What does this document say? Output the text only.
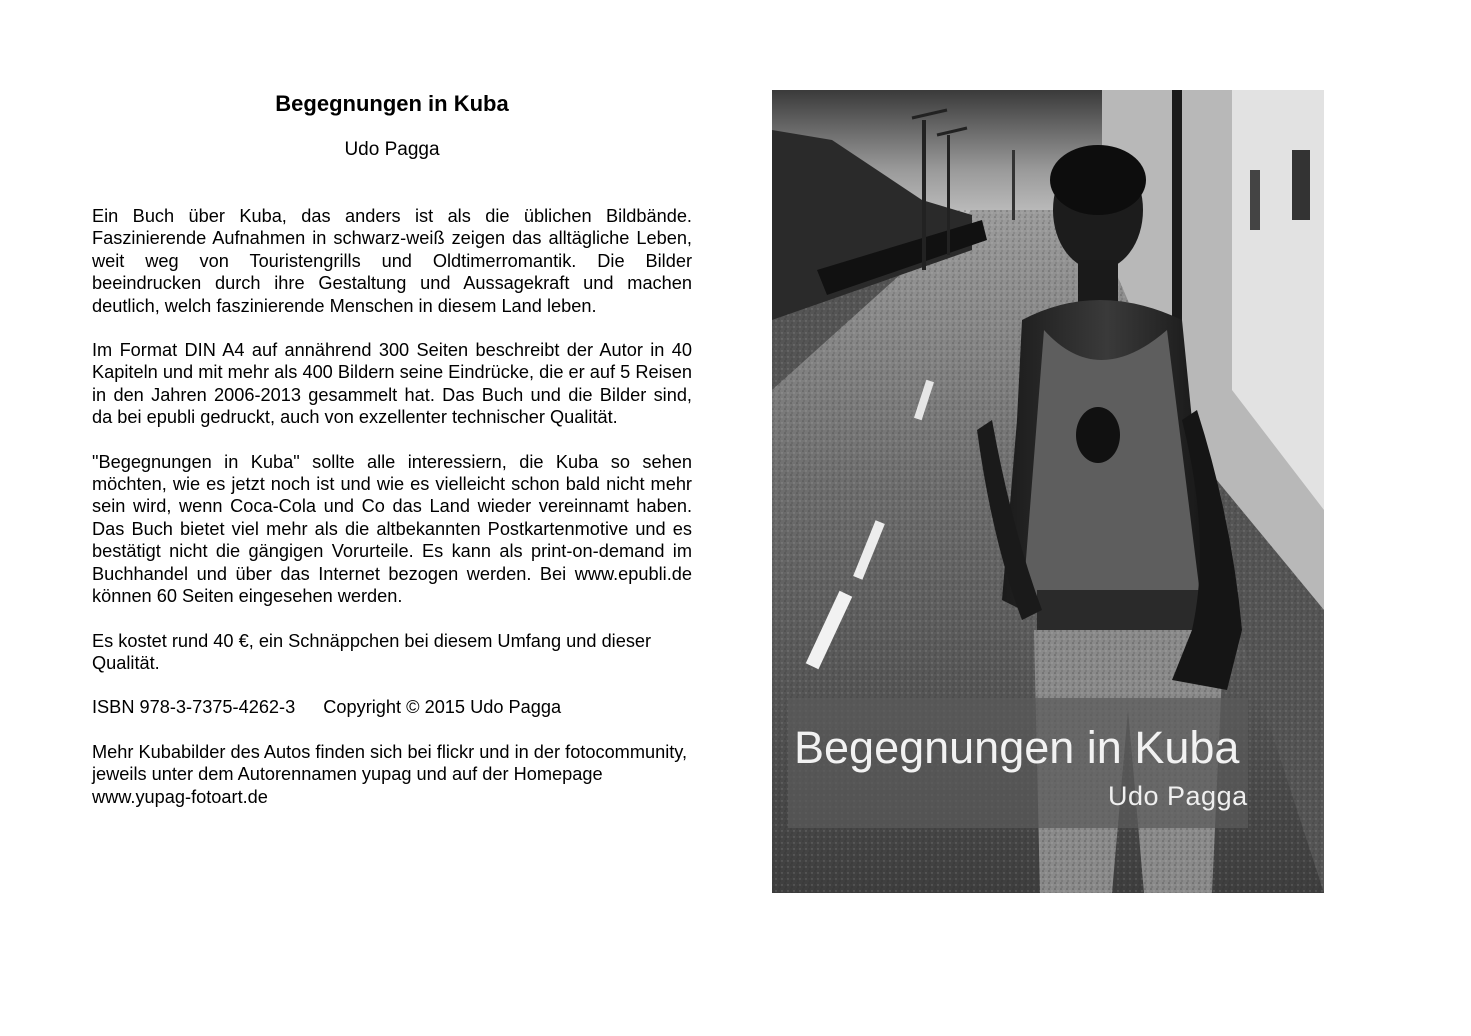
Begegnungen in Kuba

Udo Pagga

Ein Buch über Kuba, das anders ist als die üblichen Bildbände. Faszinierende Aufnahmen in schwarz-weiß zeigen das alltägliche Leben, weit weg von Touristengrills und Oldtimerromantik. Die Bilder beeindrucken durch ihre Gestaltung und Aussagekraft und machen deutlich, welch faszinierende Menschen in diesem Land leben.

Im Format DIN A4 auf annährend 300 Seiten beschreibt der Autor in 40 Kapiteln und mit mehr als 400 Bildern seine Eindrücke, die er auf 5 Reisen in den Jahren 2006-2013 gesammelt hat. Das Buch und die Bilder sind, da bei epubli gedruckt, auch von exzellenter technischer Qualität.

"Begegnungen in Kuba" sollte alle interessiern, die Kuba so sehen möchten, wie es jetzt noch ist und wie es vielleicht schon bald nicht mehr sein wird, wenn Coca-Cola und Co das Land wieder vereinnamt haben. Das Buch bietet viel mehr als die altbekannten Postkartenmotive und es bestätigt nicht die gängigen Vorurteile. Es kann als print-on-demand im Buchhandel und über das Internet bezogen werden. Bei www.epubli.de können 60 Seiten eingesehen werden.

Es kostet rund 40 €, ein Schnäppchen bei diesem Umfang und dieser Qualität.

ISBN 978-3-7375-4262-3 Copyright © 2015 Udo Pagga

Mehr Kubabilder des Autos finden sich bei flickr und in der fotocommunity, jeweils unter dem Autorennamen yupag und auf der Homepage www.yupag-fotoart.de

Begegnungen in Kuba
Udo Pagga
